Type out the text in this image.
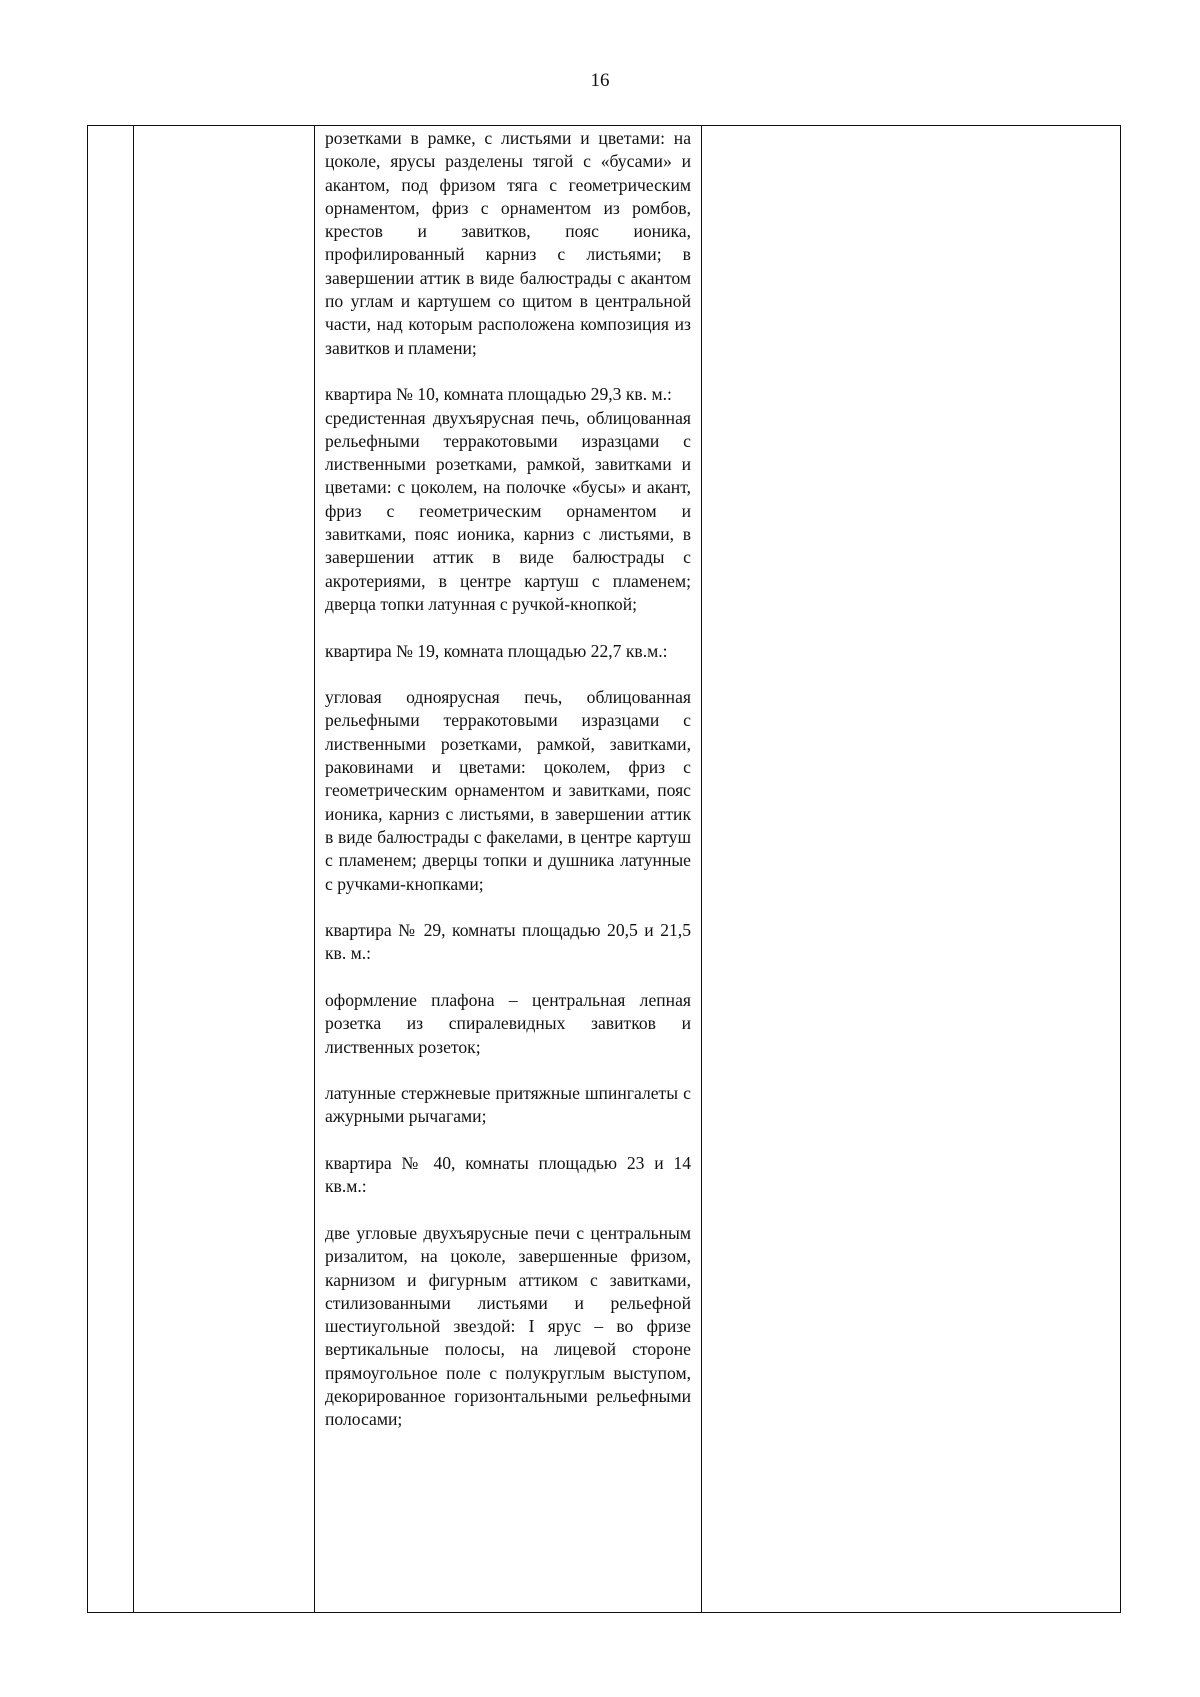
16

розетками в рамке, с листьями и цветами: на цоколе, ярусы разделены тягой с «бусами» и акантом, под фризом тяга с геометрическим орнаментом, фриз с орнаментом из ромбов, крестов и завитков, пояс ионика, профилированный карниз с листьями; в завершении аттик в виде балюстрады с акантом по углам и картушем со щитом в центральной части, над которым расположена композиция из завитков и пламени;

квартира № 10, комната площадью 29,3 кв. м.:

средистенная двухъярусная печь, облицованная рельефными терракотовыми изразцами с лиственными розетками, рамкой, завитками и цветами: с цоколем, на полочке «бусы» и акант, фриз с геометрическим орнаментом и завитками, пояс ионика, карниз с листьями, в завершении аттик в виде балюстрады с акротериями, в центре картуш с пламенем; дверца топки латунная с ручкой-кнопкой;

квартира № 19, комната площадью 22,7 кв.м.:

угловая одноярусная печь, облицованная рельефными терракотовыми изразцами с лиственными розетками, рамкой, завитками, раковинами и цветами: цоколем, фриз с геометрическим орнаментом и завитками, пояс ионика, карниз с листьями, в завершении аттик в виде балюстрады с факелами, в центре картуш с пламенем; дверцы топки и душника латунные с ручками-кнопками;

квартира № 29, комнаты площадью 20,5 и 21,5 кв. м.:

оформление плафона – центральная лепная розетка из спиралевидных завитков и лиственных розеток;

латунные стержневые притяжные шпингалеты с ажурными рычагами;

квартира № 40, комнаты площадью 23 и 14 кв.м.:

две угловые двухъярусные печи с центральным ризалитом, на цоколе, завершенные фризом, карнизом и фигурным аттиком с завитками, стилизованными листьями и рельефной шестиугольной звездой: I ярус – во фризе вертикальные полосы, на лицевой стороне прямоугольное поле с полукруглым выступом, декорированное горизонтальными рельефными полосами;
